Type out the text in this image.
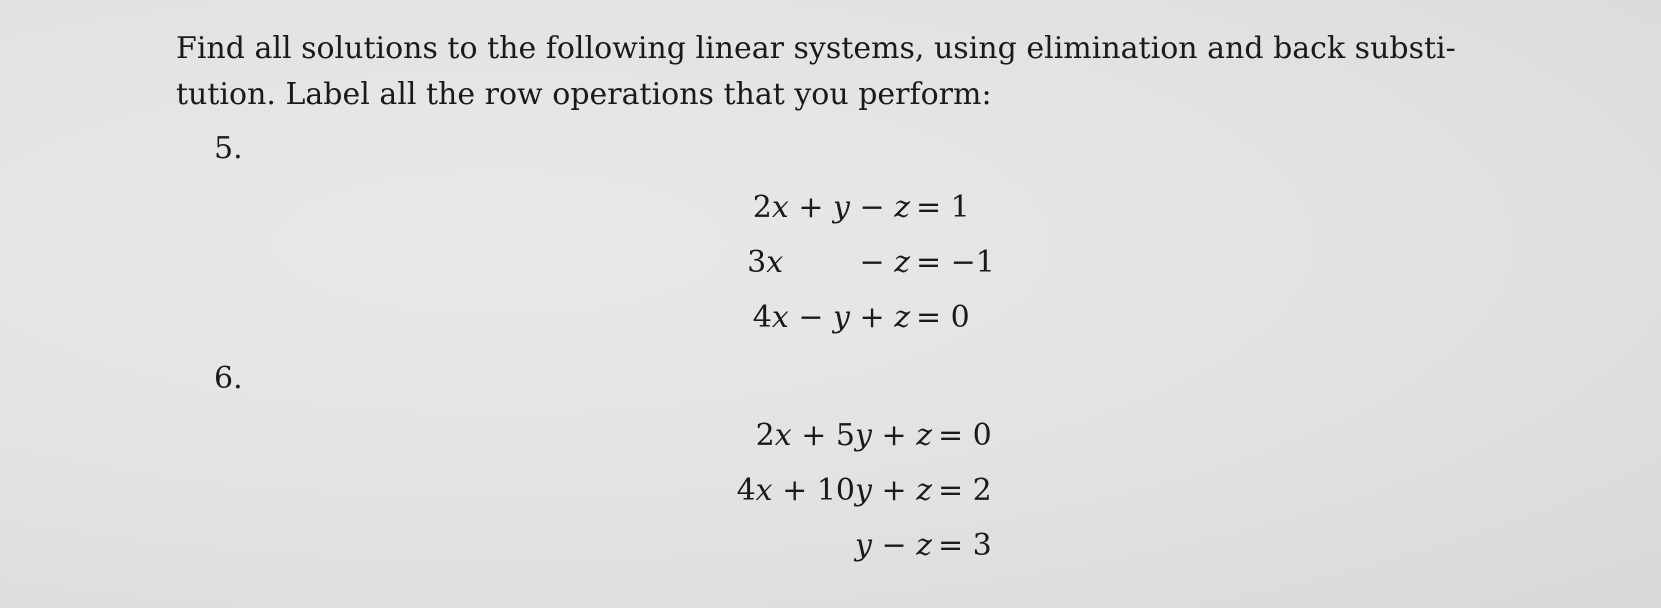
Find all solutions to the following linear systems, using elimination and back substi-
tution. Label all the row operations that you perform:

5.
2x + y − z = 1
3x	− z = −1
4x − y + z = 0
6.
2x + 5y + z = 0
4x + 10y + z = 2
y − z = 3
